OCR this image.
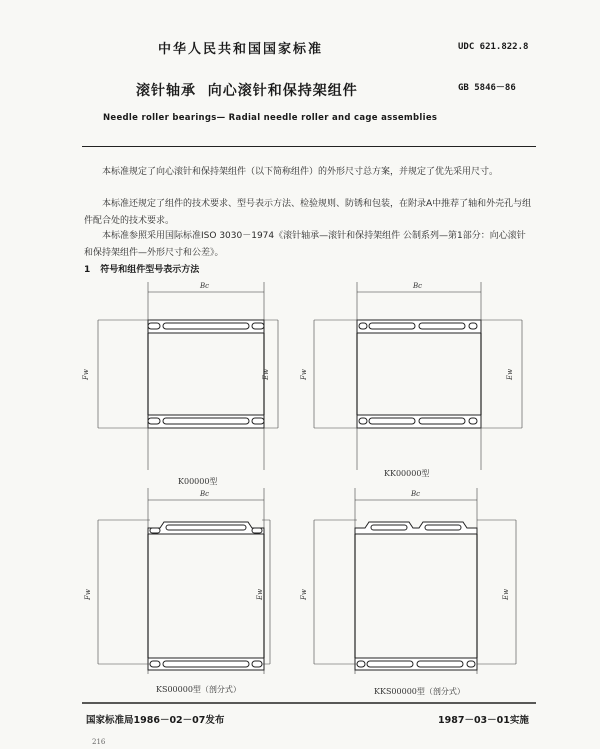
中华人民共和国国家标准	UDC 621.822.8
滚针轴承  向心滚针和保持架组件	GB 5846－86
Needle roller bearings— Radial needle roller and cage assemblies
本标准规定了向心滚针和保持架组件（以下简称组件）的外形尺寸总方案，并规定了优先采用尺寸。
本标准还规定了组件的技术要求、型号表示方法、检验规则、防锈和包装，在附录A中推荐了轴和外壳孔与组件配合处的技术要求。
本标准参照采用国际标准ISO 3030－1974《滚针轴承—滚针和保持架组件 公制系列—第1部分：向心滚针和保持架组件—外形尺寸和公差》。
1 符号和组件型号表示方法
Bc
Fw	Ew
Bc
Fw	Ew
Bc
Fw	Ew
Bc
Fw	Ew
K00000型
KK00000型
KS00000型（剖分式）	KKS00000型（剖分式）
国家标准局1986－02－07发布	1987－03－01实施
216
